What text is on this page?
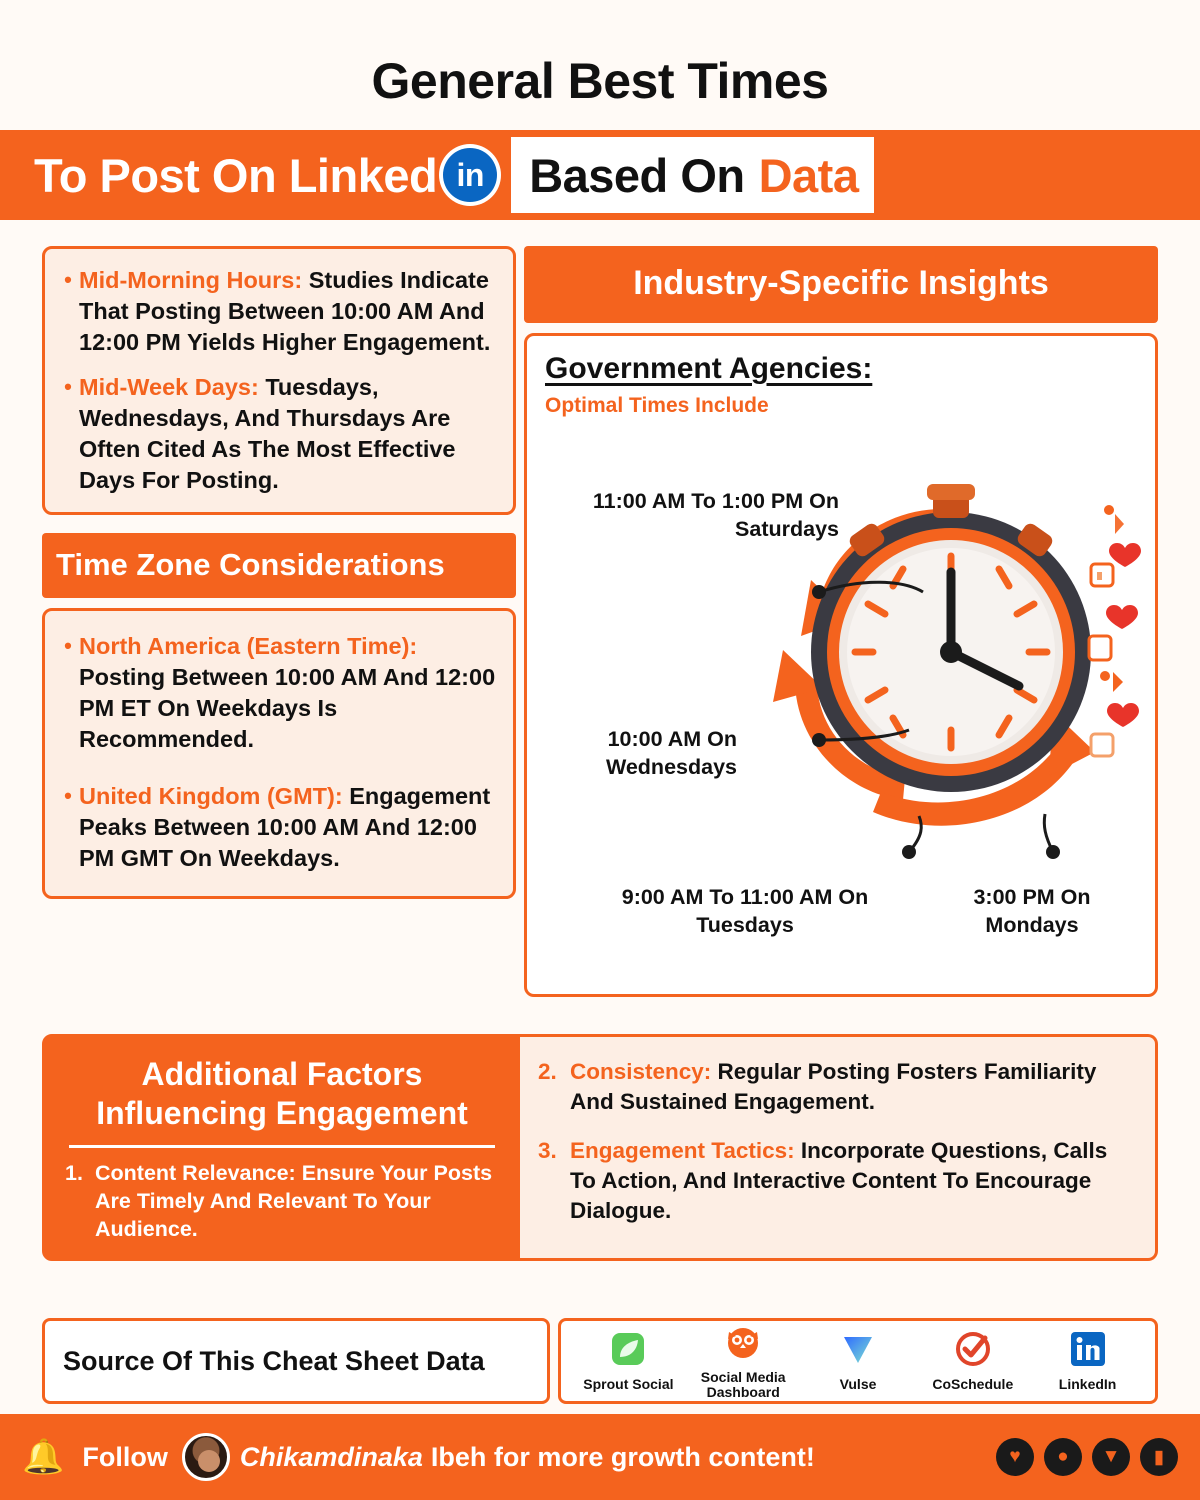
General Best Times
To Post On Linked in Based On Data
• Mid-Morning Hours: Studies Indicate That Posting Between 10:00 AM And 12:00 PM Yields Higher Engagement.
• Mid-Week Days: Tuesdays, Wednesdays, And Thursdays Are Often Cited As The Most Effective Days For Posting.
Time Zone Considerations
• North America (Eastern Time): Posting Between 10:00 AM And 12:00 PM ET On Weekdays Is Recommended.
• United Kingdom (GMT): Engagement Peaks Between 10:00 AM And 12:00 PM GMT On Weekdays.
Industry-Specific Insights
Government Agencies:
Optimal Times Include
11:00 AM To 1:00 PM On Saturdays
10:00 AM On Wednesdays
9:00 AM To 11:00 AM On Tuesdays
3:00 PM On Mondays
Additional Factors Influencing Engagement
1. Content Relevance: Ensure Your Posts Are Timely And Relevant To Your Audience.
2. Consistency: Regular Posting Fosters Familiarity And Sustained Engagement.
3. Engagement Tactics: Incorporate Questions, Calls To Action, And Interactive Content To Encourage Dialogue.
Source Of This Cheat Sheet Data
Sprout Social	Social Media Dashboard	Vulse	CoSchedule	LinkedIn
🔔 Follow	Chikamdinaka Ibeh for more growth content!	♥	●	▼	▮
